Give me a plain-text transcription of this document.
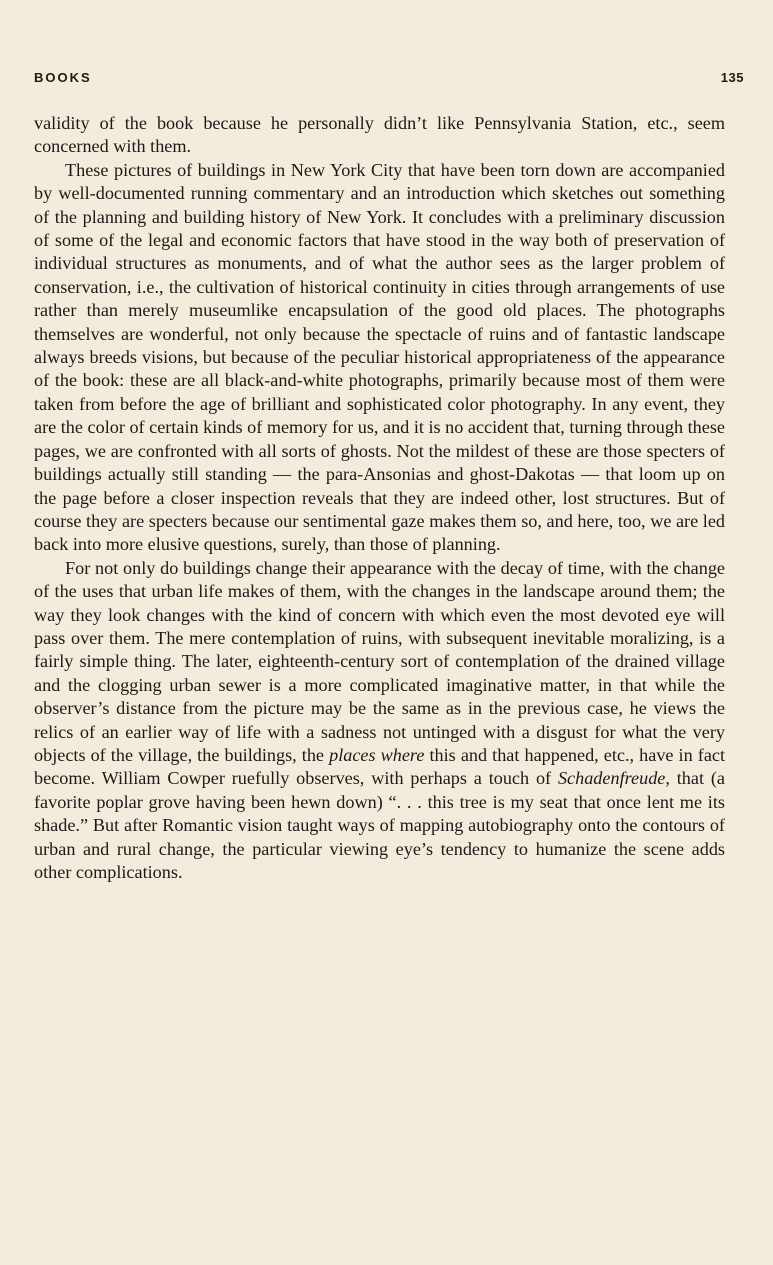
BOOKS	135

validity of the book because he personally didn’t like Pennsylvania Station, etc., seem concerned with them.

These pictures of buildings in New York City that have been torn down are accompanied by well-documented running commentary and an introduction which sketches out something of the planning and building history of New York. It concludes with a preliminary discussion of some of the legal and economic factors that have stood in the way both of preservation of individual structures as monuments, and of what the author sees as the larger problem of conservation, i.e., the cultivation of historical continuity in cities through arrangements of use rather than merely museumlike encapsulation of the good old places. The photographs themselves are wonderful, not only because the spectacle of ruins and of fantastic landscape always breeds visions, but because of the peculiar historical appropriateness of the appearance of the book: these are all black-and-white photographs, primarily because most of them were taken from before the age of brilliant and sophisticated color photography. In any event, they are the color of certain kinds of memory for us, and it is no accident that, turning through these pages, we are confronted with all sorts of ghosts. Not the mildest of these are those specters of buildings actually still standing — the para-Ansonias and ghost-Dakotas — that loom up on the page before a closer inspection reveals that they are indeed other, lost structures. But of course they are specters because our sentimental gaze makes them so, and here, too, we are led back into more elusive questions, surely, than those of planning.

For not only do buildings change their appearance with the decay of time, with the change of the uses that urban life makes of them, with the changes in the landscape around them; the way they look changes with the kind of concern with which even the most devoted eye will pass over them. The mere contemplation of ruins, with subsequent inevitable moralizing, is a fairly simple thing. The later, eighteenth-century sort of contemplation of the drained village and the clogging urban sewer is a more complicated imaginative matter, in that while the observer’s distance from the picture may be the same as in the previous case, he views the relics of an earlier way of life with a sadness not untinged with a disgust for what the very objects of the village, the buildings, the places where this and that happened, etc., have in fact become. William Cowper ruefully observes, with perhaps a touch of Schadenfreude, that (a favorite poplar grove having been hewn down) “. . . this tree is my seat that once lent me its shade.” But after Romantic vision taught ways of mapping autobiography onto the contours of urban and rural change, the particular viewing eye’s tendency to humanize the scene adds other complications.
